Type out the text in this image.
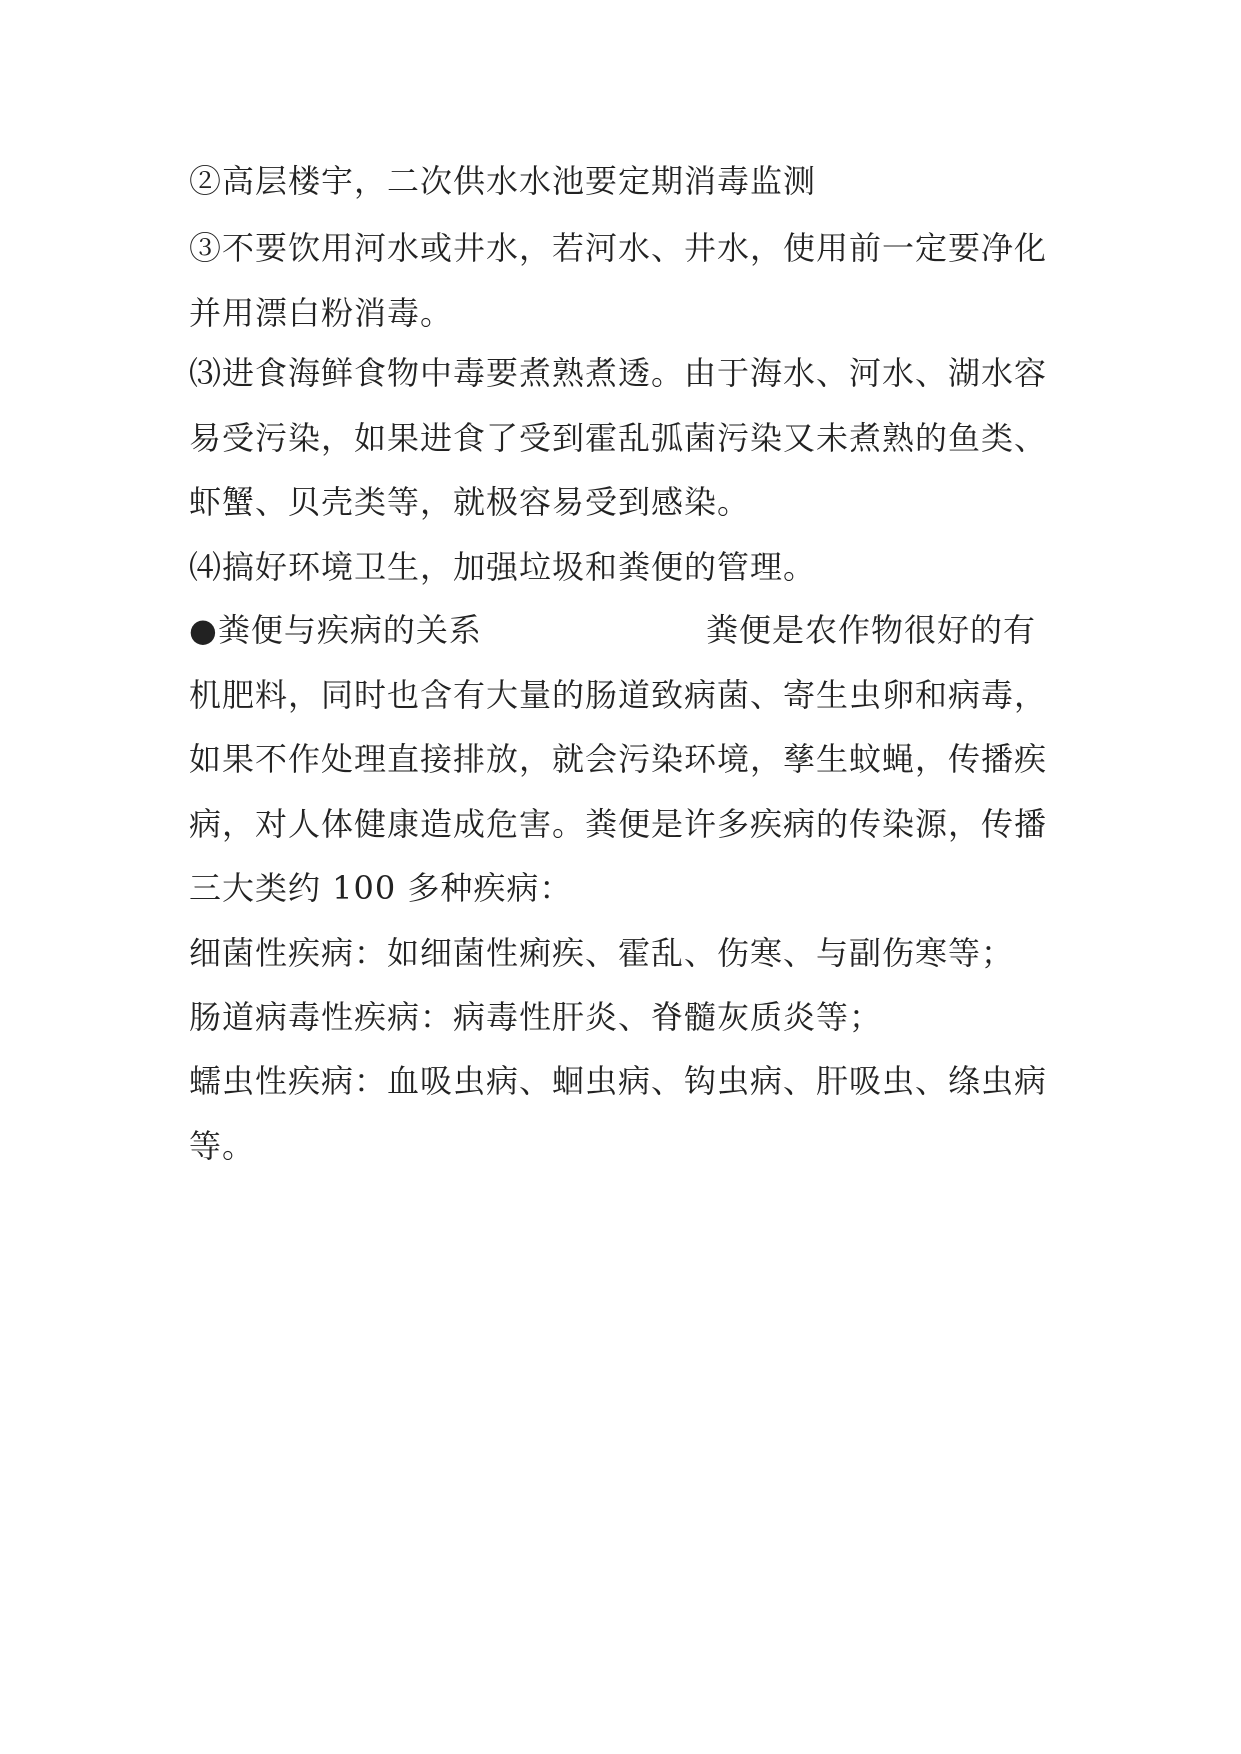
②高层楼宇，二次供水水池要定期消毒监测
③不要饮用河水或井水，若河水、井水，使用前一定要净化
并用漂白粉消毒。
⑶进食海鲜食物中毒要煮熟煮透。由于海水、河水、湖水容
易受污染，如果进食了受到霍乱弧菌污染又未煮熟的鱼类、
虾蟹、贝壳类等，就极容易受到感染。
⑷搞好环境卫生，加强垃圾和粪便的管理。
●粪便与疾病的关系	粪便是农作物很好的有
机肥料，同时也含有大量的肠道致病菌、寄生虫卵和病毒，
如果不作处理直接排放，就会污染环境，孳生蚊蝇，传播疾
病，对人体健康造成危害。粪便是许多疾病的传染源，传播
三大类约 100 多种疾病：
细菌性疾病：如细菌性痢疾、霍乱、伤寒、与副伤寒等；
肠道病毒性疾病：病毒性肝炎、脊髓灰质炎等；
蠕虫性疾病：血吸虫病、蛔虫病、钩虫病、肝吸虫、绦虫病
等。
